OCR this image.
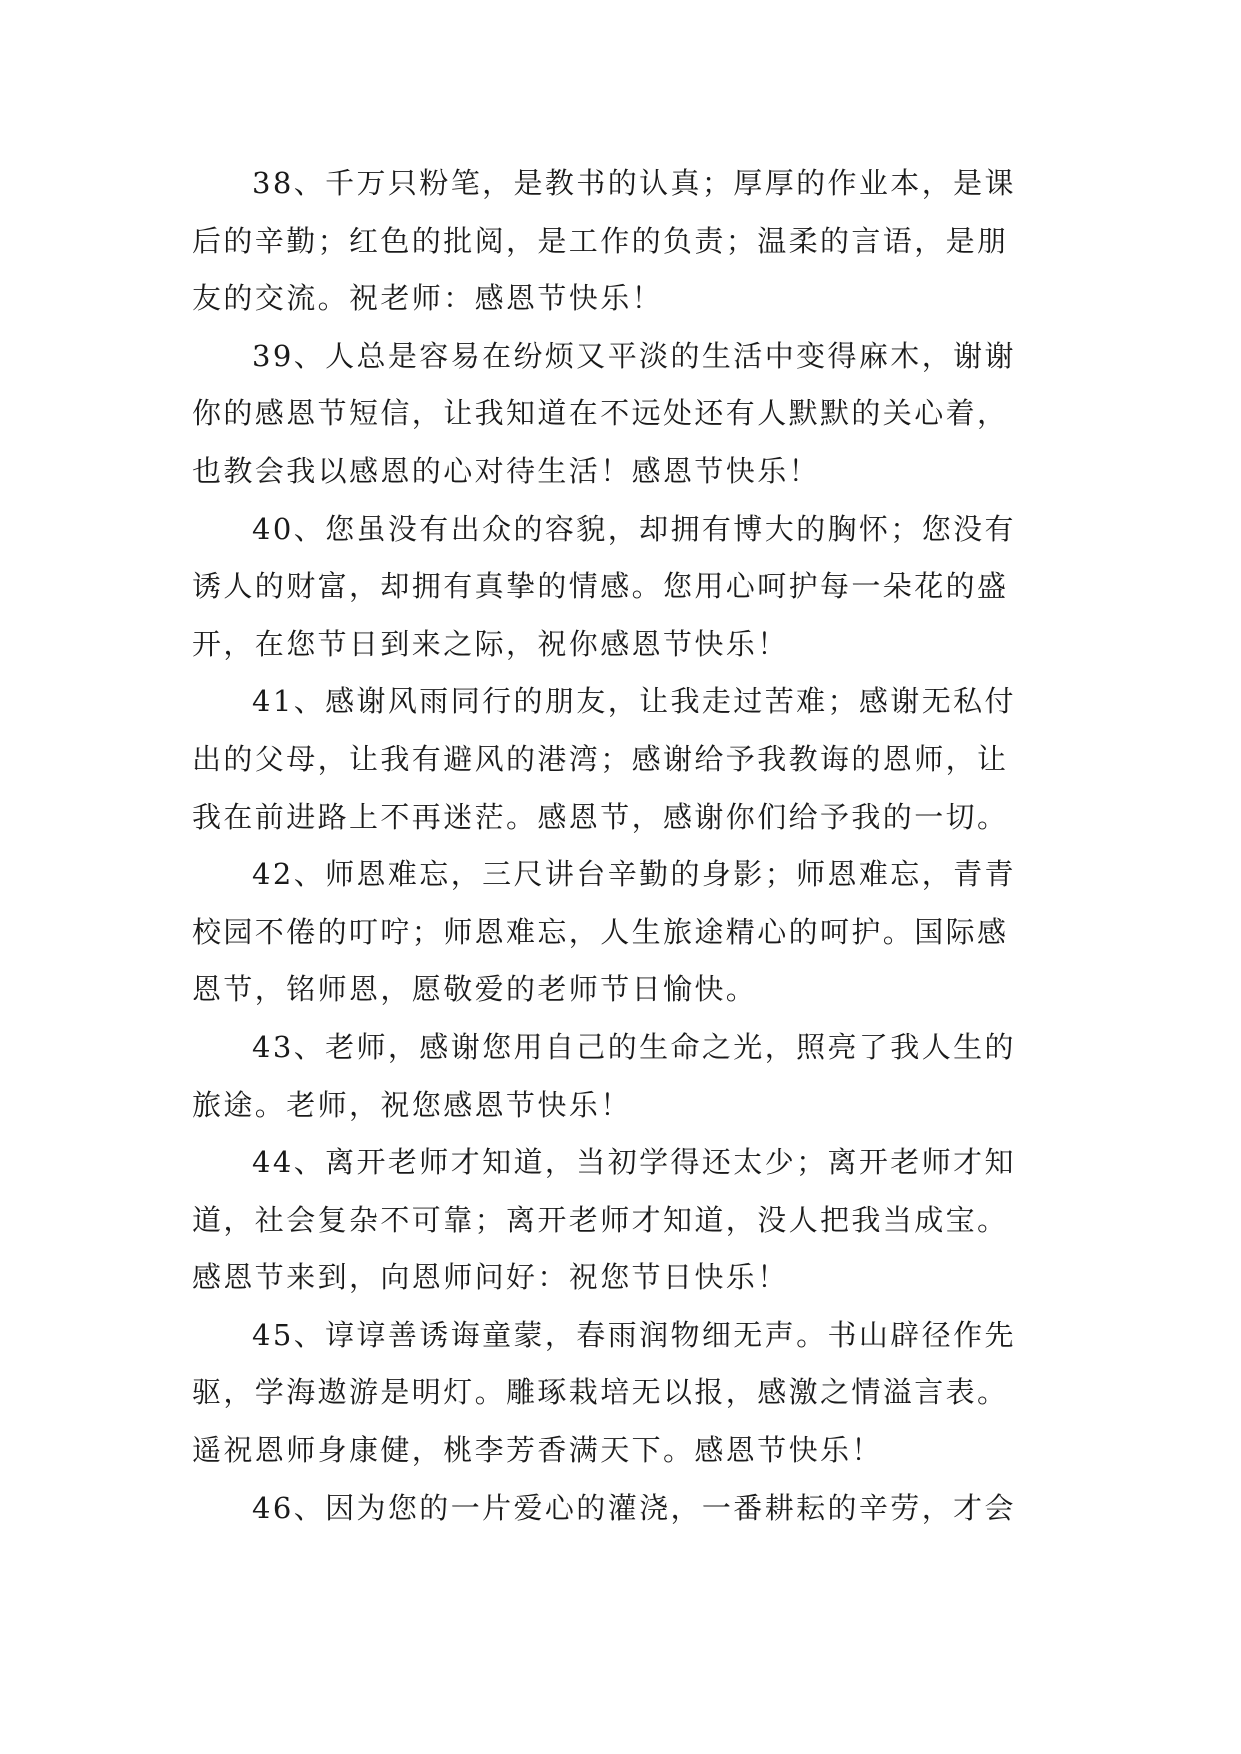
38、千万只粉笔，是教书的认真；厚厚的作业本，是课
后的辛勤；红色的批阅，是工作的负责；温柔的言语，是朋
友的交流。祝老师：感恩节快乐！

39、人总是容易在纷烦又平淡的生活中变得麻木，谢谢
你的感恩节短信，让我知道在不远处还有人默默的关心着，
也教会我以感恩的心对待生活！感恩节快乐！

40、您虽没有出众的容貌，却拥有博大的胸怀；您没有
诱人的财富，却拥有真挚的情感。您用心呵护每一朵花的盛
开，在您节日到来之际，祝你感恩节快乐！

41、感谢风雨同行的朋友，让我走过苦难；感谢无私付
出的父母，让我有避风的港湾；感谢给予我教诲的恩师，让
我在前进路上不再迷茫。感恩节，感谢你们给予我的一切。

42、师恩难忘，三尺讲台辛勤的身影；师恩难忘，青青
校园不倦的叮咛；师恩难忘，人生旅途精心的呵护。国际感
恩节，铭师恩，愿敬爱的老师节日愉快。

43、老师，感谢您用自己的生命之光，照亮了我人生的
旅途。老师，祝您感恩节快乐！

44、离开老师才知道，当初学得还太少；离开老师才知
道，社会复杂不可靠；离开老师才知道，没人把我当成宝。
感恩节来到，向恩师问好：祝您节日快乐！

45、谆谆善诱诲童蒙，春雨润物细无声。书山辟径作先
驱，学海遨游是明灯。雕琢栽培无以报，感激之情溢言表。
遥祝恩师身康健，桃李芳香满天下。感恩节快乐！

46、因为您的一片爱心的灌浇，一番耕耘的辛劳，才会
